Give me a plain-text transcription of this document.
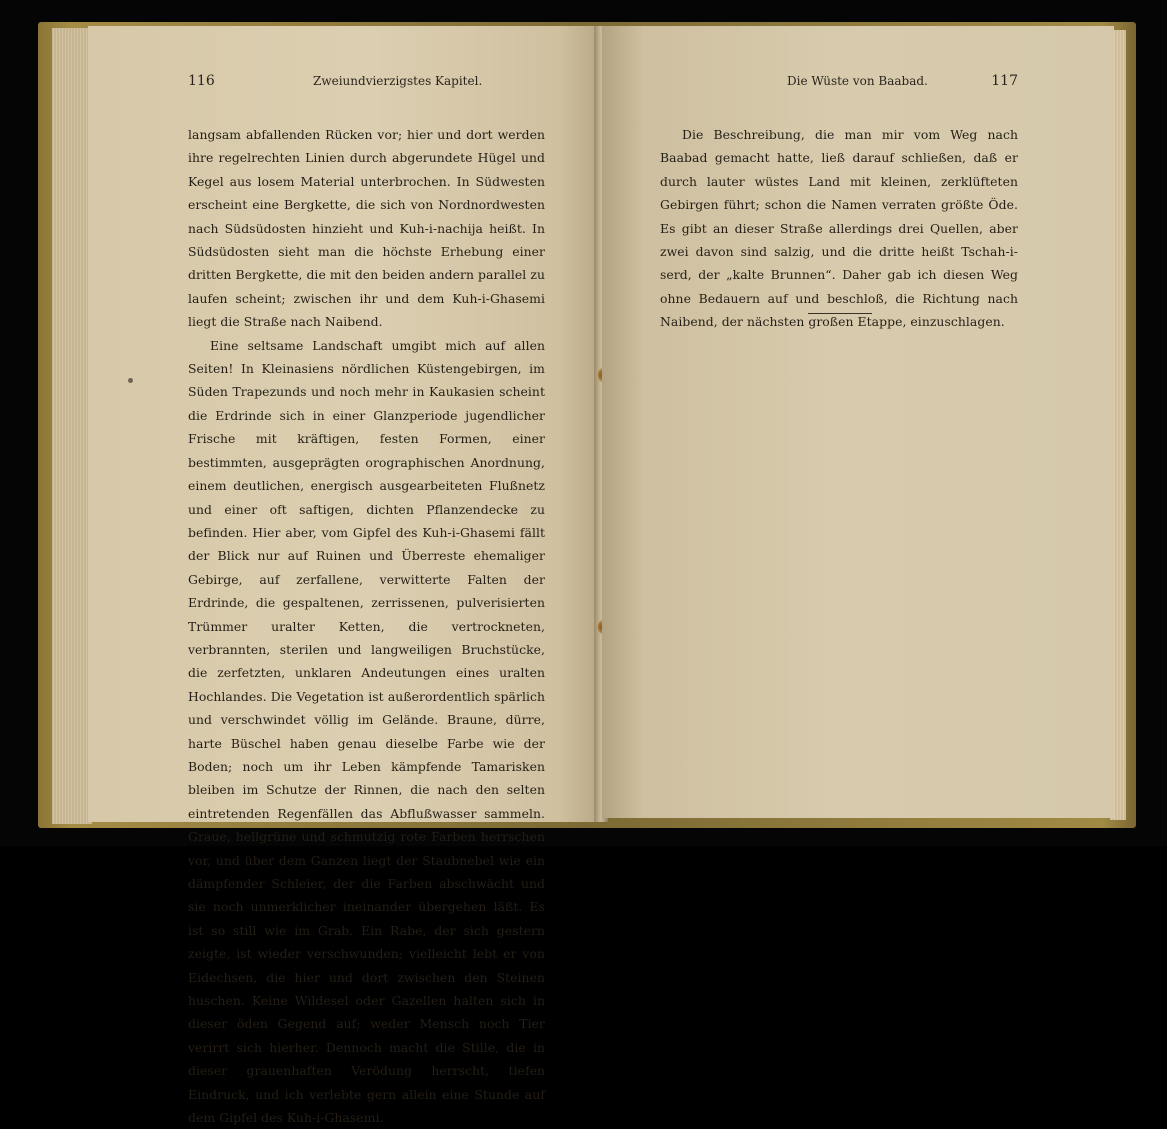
116	Zweiundvierzigstes Kapitel.

langsam abfallenden Rücken vor; hier und dort werden ihre regelrechten Linien durch abgerundete Hügel und Kegel aus losem Material unterbrochen. In Südwesten erscheint eine Bergkette, die sich von Nordnordwesten nach Südsüdosten hinzieht und Kuh-i-nachija heißt. In Südsüdosten sieht man die höchste Erhebung einer dritten Bergkette, die mit den beiden andern parallel zu laufen scheint; zwischen ihr und dem Kuh-i-Ghasemi liegt die Straße nach Naibend.

Eine seltsame Landschaft umgibt mich auf allen Seiten! In Kleinasiens nördlichen Küstengebirgen, im Süden Trapezunds und noch mehr in Kaukasien scheint die Erdrinde sich in einer Glanzperiode jugendlicher Frische mit kräftigen, festen Formen, einer bestimmten, ausgeprägten orographischen Anordnung, einem deutlichen, energisch ausgearbeiteten Flußnetz und einer oft saftigen, dichten Pflanzendecke zu befinden. Hier aber, vom Gipfel des Kuh-i-Ghasemi fällt der Blick nur auf Ruinen und Überreste ehemaliger Gebirge, auf zerfallene, verwitterte Falten der Erdrinde, die gespaltenen, zerrissenen, pulverisierten Trümmer uralter Ketten, die vertrockneten, verbrannten, sterilen und langweiligen Bruchstücke, die zerfetzten, unklaren Andeutungen eines uralten Hochlandes. Die Vegetation ist außerordentlich spärlich und verschwindet völlig im Gelände. Braune, dürre, harte Büschel haben genau dieselbe Farbe wie der Boden; noch um ihr Leben kämpfende Tamarisken bleiben im Schutze der Rinnen, die nach den selten eintretenden Regenfällen das Abflußwasser sammeln. Graue, hellgrüne und schmutzig rote Farben herrschen vor, und über dem Ganzen liegt der Staubnebel wie ein dämpfender Schleier, der die Farben abschwächt und sie noch unmerklicher ineinander übergehen läßt. Es ist so still wie im Grab. Ein Rabe, der sich gestern zeigte, ist wieder verschwunden; vielleicht lebt er von Eidechsen, die hier und dort zwischen den Steinen huschen. Keine Wildesel oder Gazellen halten sich in dieser öden Gegend auf; weder Mensch noch Tier verirrt sich hierher. Dennoch macht die Stille, die in dieser grauenhaften Verödung herrscht, tiefen Eindruck, und ich verlebte gern allein eine Stunde auf dem Gipfel des Kuh-i-Ghasemi.

Die Wüste von Baabad.	117

Die Beschreibung, die man mir vom Weg nach Baabad gemacht hatte, ließ darauf schließen, daß er durch lauter wüstes Land mit kleinen, zerklüfteten Gebirgen führt; schon die Namen verraten größte Öde. Es gibt an dieser Straße allerdings drei Quellen, aber zwei davon sind salzig, und die dritte heißt Tschah-i-serd, der „kalte Brunnen“. Daher gab ich diesen Weg ohne Bedauern auf und beschloß, die Richtung nach Naibend, der nächsten großen Etappe, einzuschlagen.
